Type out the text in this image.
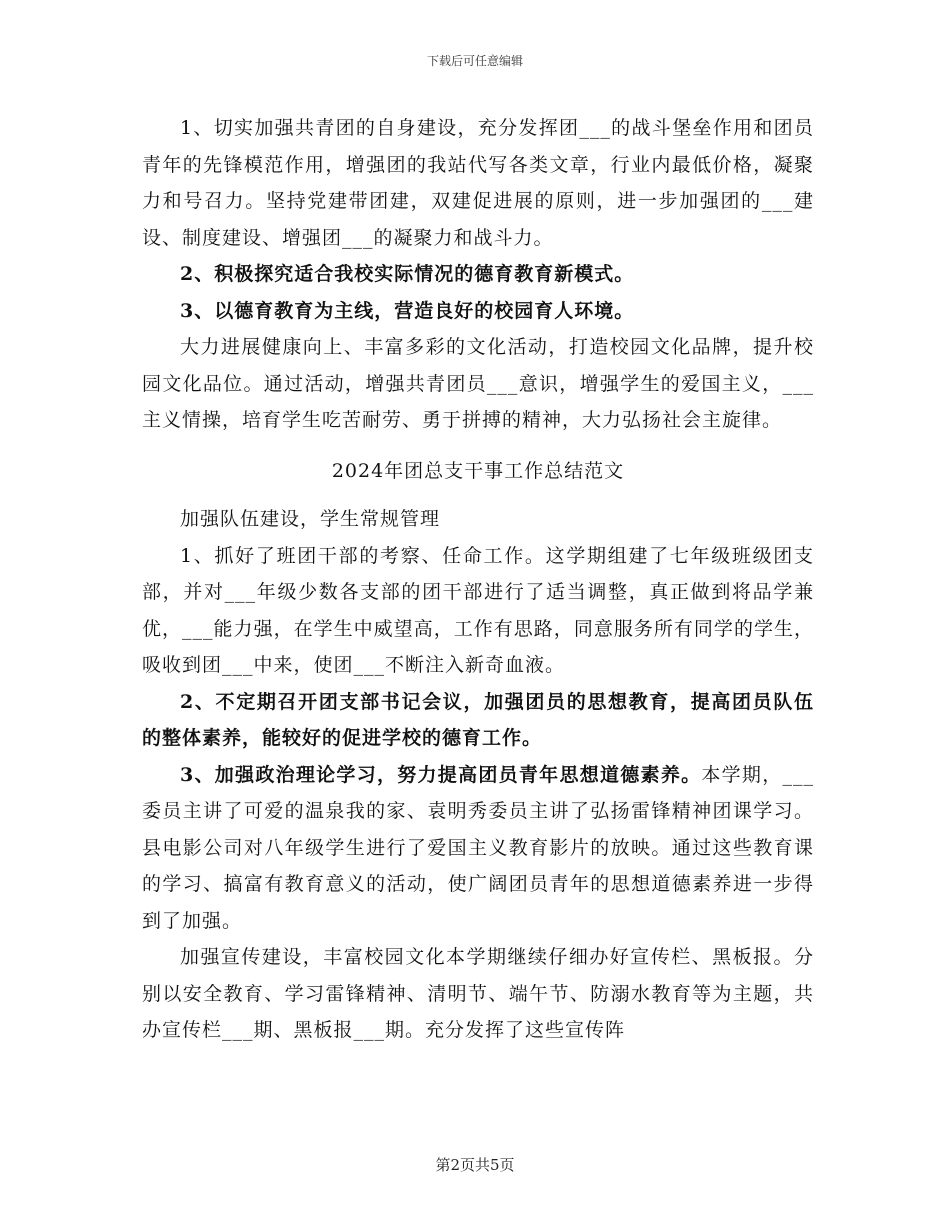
下载后可任意编辑

1、切实加强共青团的自身建设，充分发挥团___的战斗堡垒作用和团员青年的先锋模范作用，增强团的我站代写各类文章，行业内最低价格，凝聚力和号召力。坚持党建带团建，双建促进展的原则，进一步加强团的___建设、制度建设、增强团___的凝聚力和战斗力。

2、积极探究适合我校实际情况的德育教育新模式。

3、以德育教育为主线，营造良好的校园育人环境。

大力进展健康向上、丰富多彩的文化活动，打造校园文化品牌，提升校园文化品位。通过活动，增强共青团员___意识，增强学生的爱国主义，___主义情操，培育学生吃苦耐劳、勇于拼搏的精神，大力弘扬社会主旋律。

2024年团总支干事工作总结范文

加强队伍建设，学生常规管理

1、抓好了班团干部的考察、任命工作。这学期组建了七年级班级团支部，并对___年级少数各支部的团干部进行了适当调整，真正做到将品学兼优，___能力强，在学生中威望高，工作有思路，同意服务所有同学的学生，吸收到团___中来，使团___不断注入新奇血液。

2、不定期召开团支部书记会议，加强团员的思想教育，提高团员队伍的整体素养，能较好的促进学校的德育工作。

3、加强政治理论学习，努力提高团员青年思想道德素养。本学期，___委员主讲了可爱的温泉我的家、袁明秀委员主讲了弘扬雷锋精神团课学习。县电影公司对八年级学生进行了爱国主义教育影片的放映。通过这些教育课的学习、搞富有教育意义的活动，使广阔团员青年的思想道德素养进一步得到了加强。

加强宣传建设，丰富校园文化本学期继续仔细办好宣传栏、黑板报。分别以安全教育、学习雷锋精神、清明节、端午节、防溺水教育等为主题，共办宣传栏___期、黑板报___期。充分发挥了这些宣传阵

第2页共5页
